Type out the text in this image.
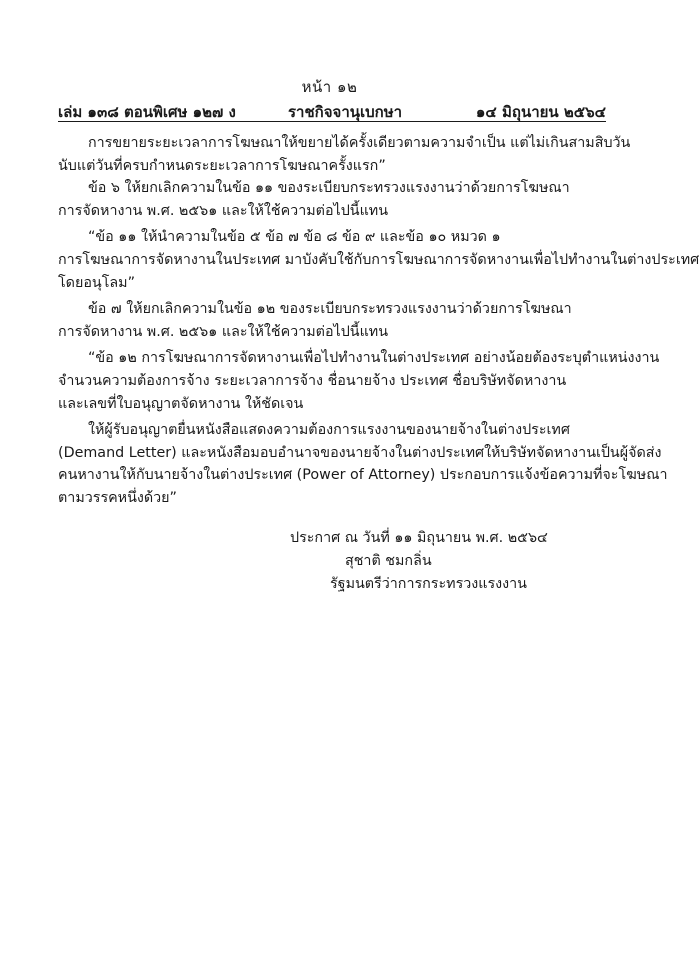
หน้า ๑๒
เล่ม ๑๓๘ ตอนพิเศษ ๑๒๗ ง	ราชกิจจานุเบกษา	๑๔ มิถุนายน ๒๕๖๔
การขยายระยะเวลาการโฆษณาให้ขยายได้ครั้งเดียวตามความจำเป็น แต่ไม่เกินสามสิบวัน
นับแต่วันที่ครบกำหนดระยะเวลาการโฆษณาครั้งแรก”
ข้อ ๖ ให้ยกเลิกความในข้อ ๑๑ ของระเบียบกระทรวงแรงงานว่าด้วยการโฆษณา
การจัดหางาน พ.ศ. ๒๕๖๑ และให้ใช้ความต่อไปนี้แทน
“ข้อ ๑๑ ให้นำความในข้อ ๕ ข้อ ๗ ข้อ ๘ ข้อ ๙ และข้อ ๑๐ หมวด ๑
การโฆษณาการจัดหางานในประเทศ มาบังคับใช้กับการโฆษณาการจัดหางานเพื่อไปทำงานในต่างประเทศ
โดยอนุโลม”
ข้อ ๗ ให้ยกเลิกความในข้อ ๑๒ ของระเบียบกระทรวงแรงงานว่าด้วยการโฆษณา
การจัดหางาน พ.ศ. ๒๕๖๑ และให้ใช้ความต่อไปนี้แทน
“ข้อ ๑๒ การโฆษณาการจัดหางานเพื่อไปทำงานในต่างประเทศ อย่างน้อยต้องระบุตำแหน่งงาน
จำนวนความต้องการจ้าง ระยะเวลาการจ้าง ชื่อนายจ้าง ประเทศ ชื่อบริษัทจัดหางาน
และเลขที่ใบอนุญาตจัดหางาน ให้ชัดเจน
ให้ผู้รับอนุญาตยื่นหนังสือแสดงความต้องการแรงงานของนายจ้างในต่างประเทศ
(Demand Letter) และหนังสือมอบอำนาจของนายจ้างในต่างประเทศให้บริษัทจัดหางานเป็นผู้จัดส่ง
คนหางานให้กับนายจ้างในต่างประเทศ (Power of Attorney) ประกอบการแจ้งข้อความที่จะโฆษณา
ตามวรรคหนึ่งด้วย”
ประกาศ ณ วันที่ ๑๑ มิถุนายน พ.ศ. ๒๕๖๔
สุชาติ ชมกลิ่น
รัฐมนตรีว่าการกระทรวงแรงงาน
